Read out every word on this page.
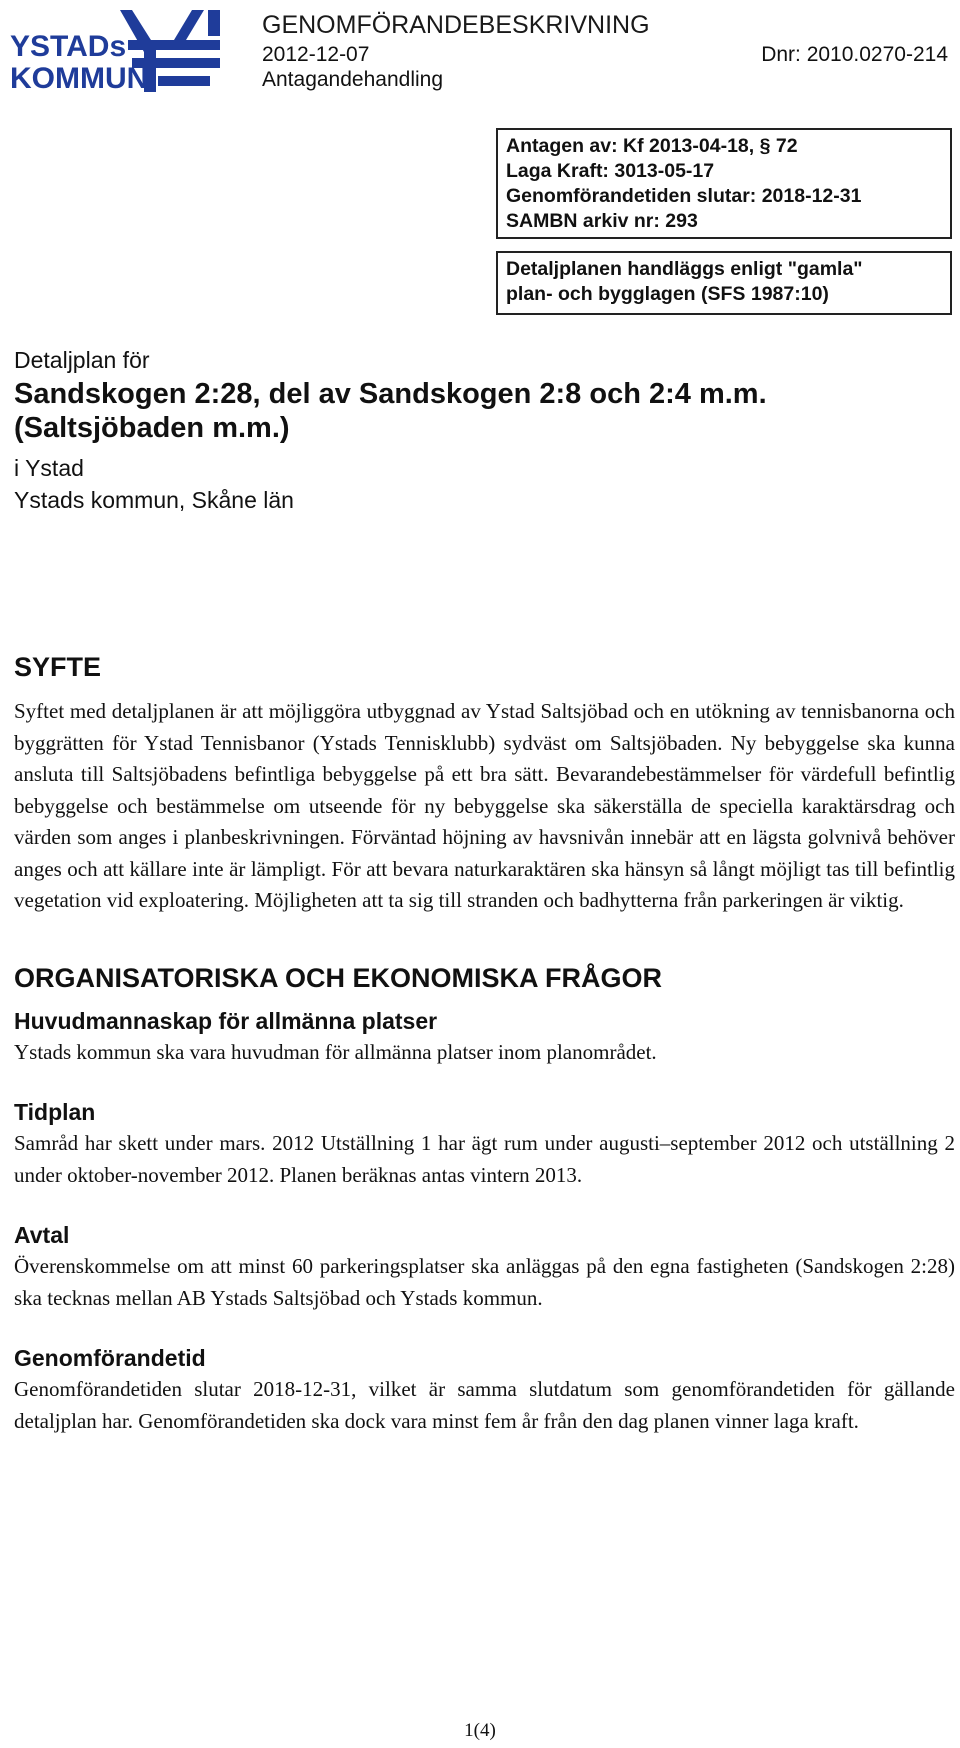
YSTADs
KOMMUN
GENOMFÖRANDEBESKRIVNING
2012-12-07	Dnr: 2010.0270-214
Antagandehandling
Antagen av: Kf 2013-04-18, § 72
Laga Kraft: 3013-05-17
Genomförandetiden slutar: 2018-12-31
SAMBN arkiv nr: 293
Detaljplanen handläggs enligt "gamla"
plan- och bygglagen (SFS 1987:10)
Detaljplan för
Sandskogen 2:28, del av Sandskogen 2:8 och 2:4 m.m. (Saltsjöbaden m.m.)
i Ystad
Ystads kommun, Skåne län
SYFTE

Syftet med detaljplanen är att möjliggöra utbyggnad av Ystad Saltsjöbad och en utökning av tennisbanorna och byggrätten för Ystad Tennisbanor (Ystads Tennisklubb) sydväst om Saltsjöbaden. Ny bebyggelse ska kunna ansluta till Saltsjöbadens befintliga bebyggelse på ett bra sätt. Bevarandebestämmelser för värdefull befintlig bebyggelse och bestämmelse om utseende för ny bebyggelse ska säkerställa de speciella karaktärsdrag och värden som anges i planbeskrivningen. Förväntad höjning av havsnivån innebär att en lägsta golvnivå behöver anges och att källare inte är lämpligt. För att bevara naturkaraktären ska hänsyn så långt möjligt tas till befintlig vegetation vid exploatering. Möjligheten att ta sig till stranden och badhytterna från parkeringen är viktig.

ORGANISATORISKA OCH EKONOMISKA FRÅGOR
Huvudmannaskap för allmänna platser

Ystads kommun ska vara huvudman för allmänna platser inom planområdet.

Tidplan

Samråd har skett under mars. 2012 Utställning 1 har ägt rum under augusti–september 2012 och utställning 2 under oktober-november 2012. Planen beräknas antas vintern 2013.

Avtal

Överenskommelse om att minst 60 parkeringsplatser ska anläggas på den egna fastigheten (Sandskogen 2:28) ska tecknas mellan AB Ystads Saltsjöbad och Ystads kommun.

Genomförandetid

Genomförandetiden slutar 2018-12-31, vilket är samma slutdatum som genomförandetiden för gällande detaljplan har. Genomförandetiden ska dock vara minst fem år från den dag planen vinner laga kraft.

1(4)
